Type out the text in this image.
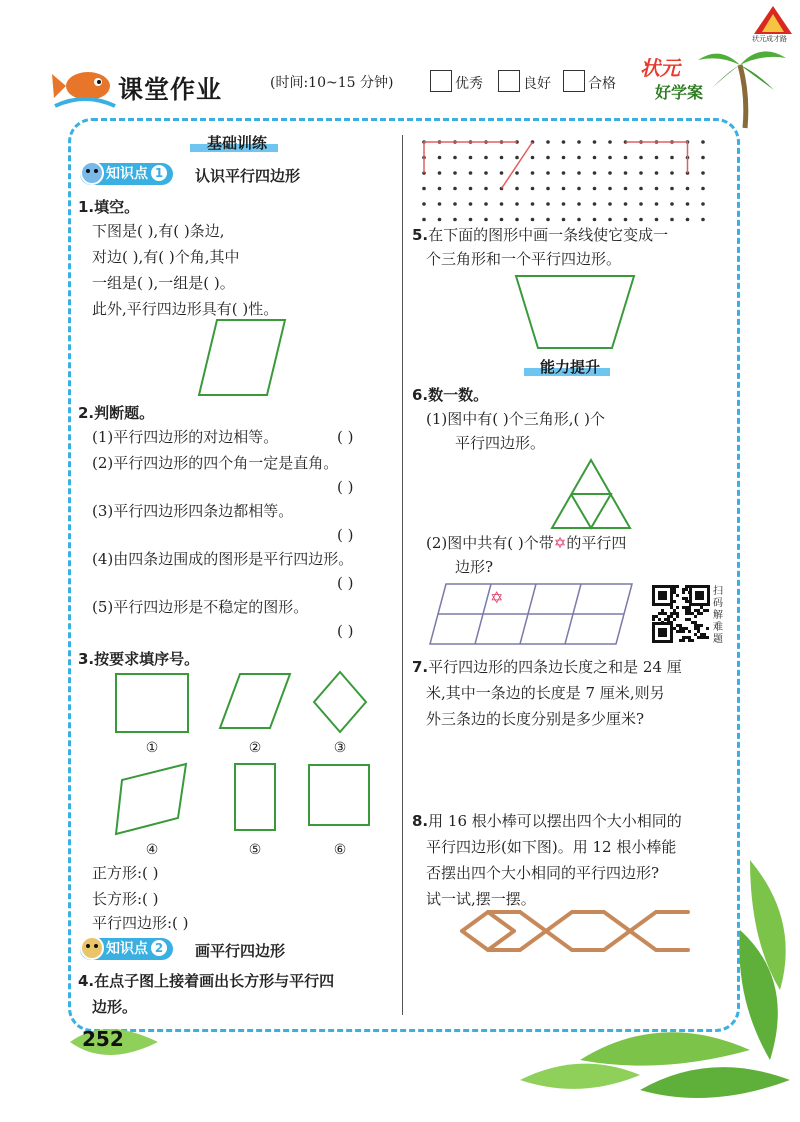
状元成才路
课堂作业	(时间:10~15 分钟)	优秀	良好	合格
状元
好学案
基础训练
知识点 1	认识平行四边形
1.填空。
下图是( ),有( )条边,
对边( ),有( )个角,其中
一组是( ),一组是( )。
此外,平行四边形具有( )性。
2.判断题。
(1)平行四边形的对边相等。	( )
(2)平行四边形的四个角一定是直角。
( )
(3)平行四边形四条边都相等。
( )
(4)由四条边围成的图形是平行四边形。
( )
(5)平行四边形是不稳定的图形。
( )
3.按要求填序号。
①	②	③
④	⑤	⑥
正方形:( )
长方形:( )
平行四边形:( )
知识点 2	画平行四边形
4.在点子图上接着画出长方形与平行四
边形。
5.在下面的图形中画一条线使它变成一
个三角形和一个平行四边形。
能力提升
6.数一数。
(1)图中有( )个三角形,( )个
平行四边形。
(2)图中共有( )个带✡的平行四
边形?
✡	扫码解难题
7.平行四边形的四条边长度之和是 24 厘
米,其中一条边的长度是 7 厘米,则另
外三条边的长度分别是多少厘米?
8.用 16 根小棒可以摆出四个大小相同的
平行四边形(如下图)。用 12 根小棒能
否摆出四个大小相同的平行四边形?
试一试,摆一摆。
252
